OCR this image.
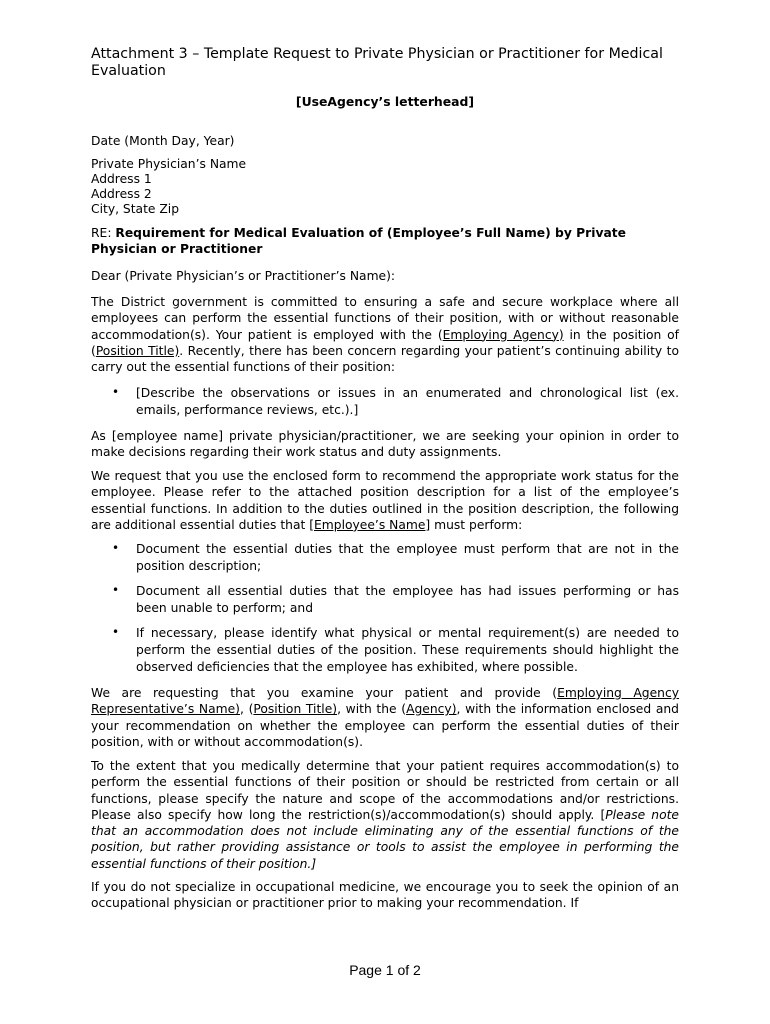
Attachment 3 – Template Request to Private Physician or Practitioner for Medical Evaluation
[UseAgency’s letterhead]
Date (Month Day, Year)
Private Physician’s Name
Address 1
Address 2
City, State Zip
RE: Requirement for Medical Evaluation of (Employee’s Full Name) by Private Physician or Practitioner
Dear (Private Physician’s or Practitioner’s Name):
The District government is committed to ensuring a safe and secure workplace where all employees can perform the essential functions of their position, with or without reasonable accommodation(s). Your patient is employed with the (Employing Agency) in the position of (Position Title). Recently, there has been concern regarding your patient’s continuing ability to carry out the essential functions of their position:
•	[Describe the observations or issues in an enumerated and chronological list (ex. emails, performance reviews, etc.).]
As [employee name] private physician/practitioner, we are seeking your opinion in order to make decisions regarding their work status and duty assignments.
We request that you use the enclosed form to recommend the appropriate work status for the employee. Please refer to the attached position description for a list of the employee’s essential functions. In addition to the duties outlined in the position description, the following are additional essential duties that [Employee’s Name] must perform:
•	Document the essential duties that the employee must perform that are not in the position description;
•	Document all essential duties that the employee has had issues performing or has been unable to perform; and
•	If necessary, please identify what physical or mental requirement(s) are needed to perform the essential duties of the position. These requirements should highlight the observed deficiencies that the employee has exhibited, where possible.
We are requesting that you examine your patient and provide (Employing Agency Representative’s Name), (Position Title), with the (Agency), with the information enclosed and your recommendation on whether the employee can perform the essential duties of their position, with or without accommodation(s).
To the extent that you medically determine that your patient requires accommodation(s) to perform the essential functions of their position or should be restricted from certain or all functions, please specify the nature and scope of the accommodations and/or restrictions. Please also specify how long the restriction(s)/accommodation(s) should apply. [Please note that an accommodation does not include eliminating any of the essential functions of the position, but rather providing assistance or tools to assist the employee in performing the essential functions of their position.]
If you do not specialize in occupational medicine, we encourage you to seek the opinion of an occupational physician or practitioner prior to making your recommendation. If
Page 1 of 2
